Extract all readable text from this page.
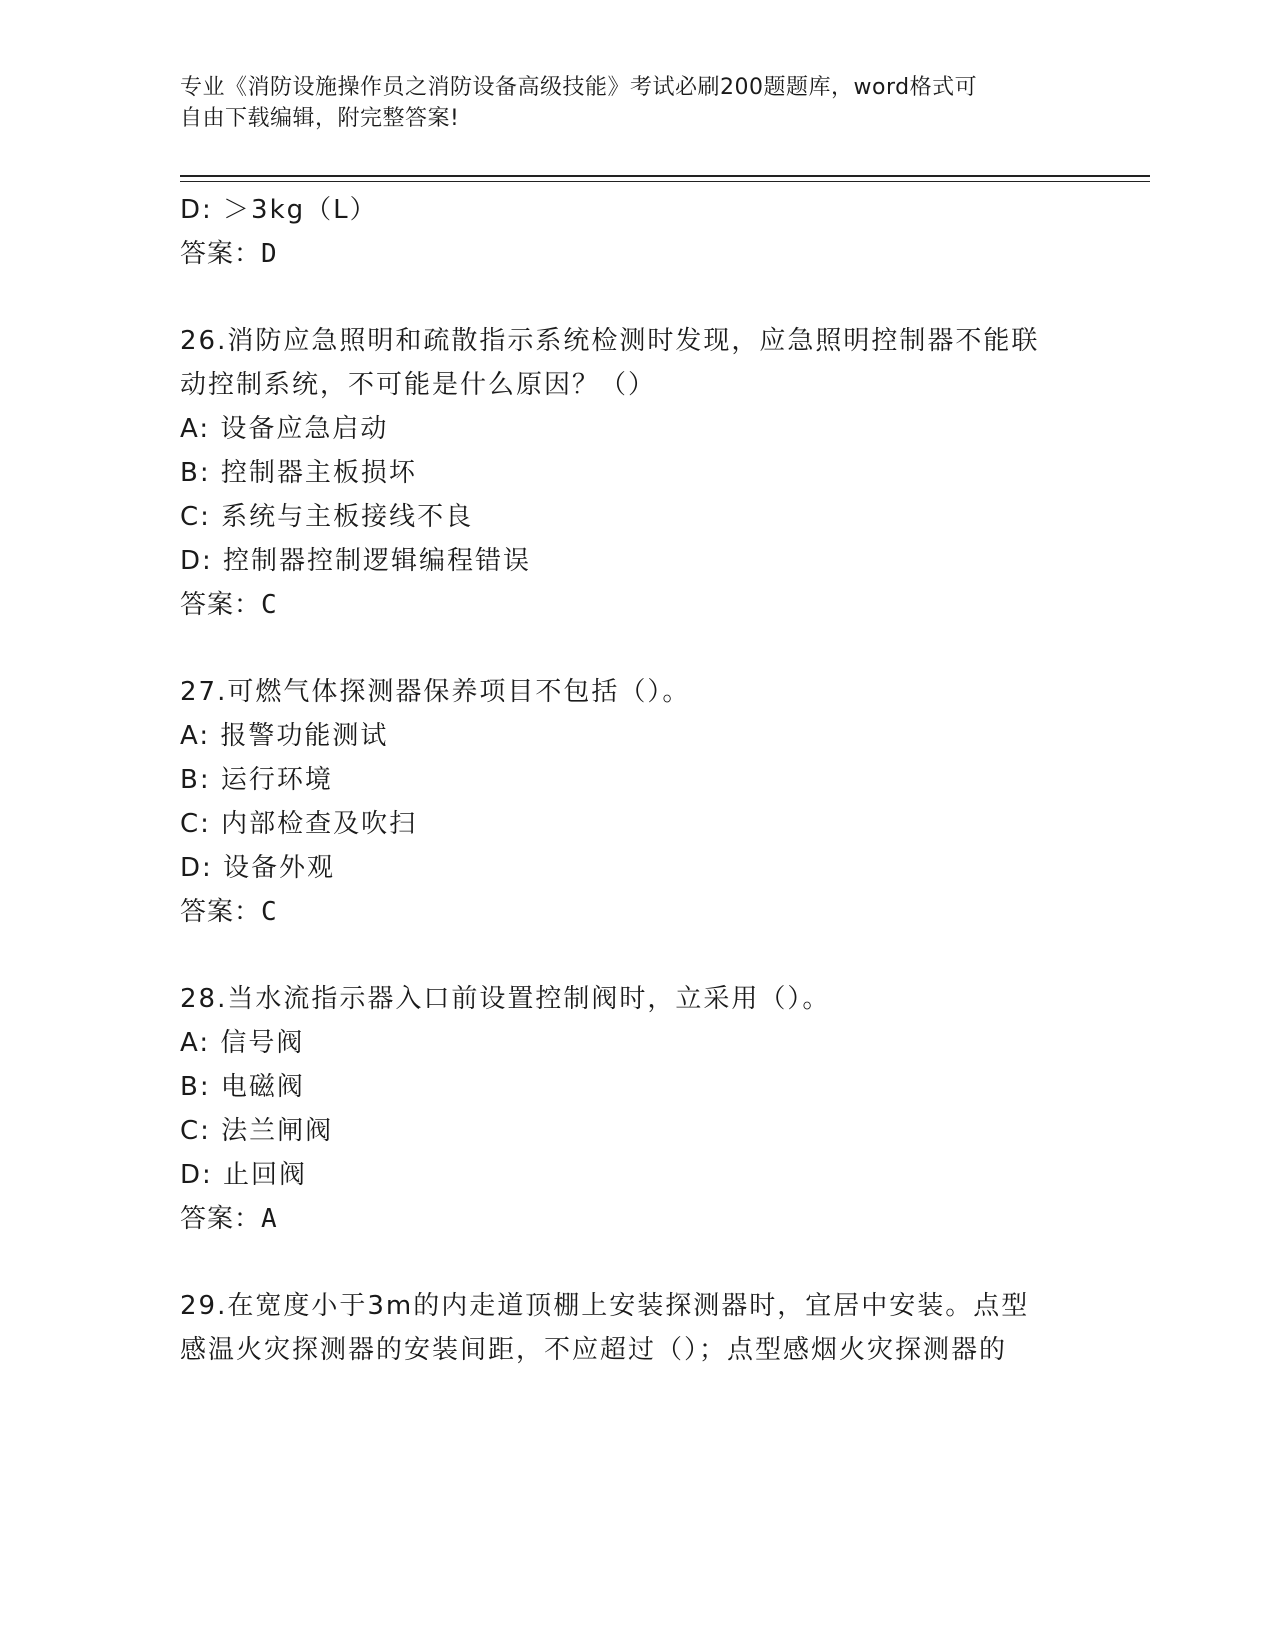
专业《消防设施操作员之消防设备高级技能》考试必刷200题题库，word格式可
自由下载编辑，附完整答案!
D: ＞3kg（L）
答案：D
26.消防应急照明和疏散指示系统检测时发现，应急照明控制器不能联
动控制系统，不可能是什么原因？（）
A: 设备应急启动
B: 控制器主板损坏
C: 系统与主板接线不良
D: 控制器控制逻辑编程错误
答案：C
27.可燃气体探测器保养项目不包括（）。
A: 报警功能测试
B: 运行环境
C: 内部检查及吹扫
D: 设备外观
答案：C
28.当水流指示器入口前设置控制阀时，立采用（）。
A: 信号阀
B: 电磁阀
C: 法兰闸阀
D: 止回阀
答案：A
29.在宽度小于3m的内走道顶棚上安装探测器时，宜居中安装。点型
感温火灾探测器的安装间距，不应超过（）；点型感烟火灾探测器的
